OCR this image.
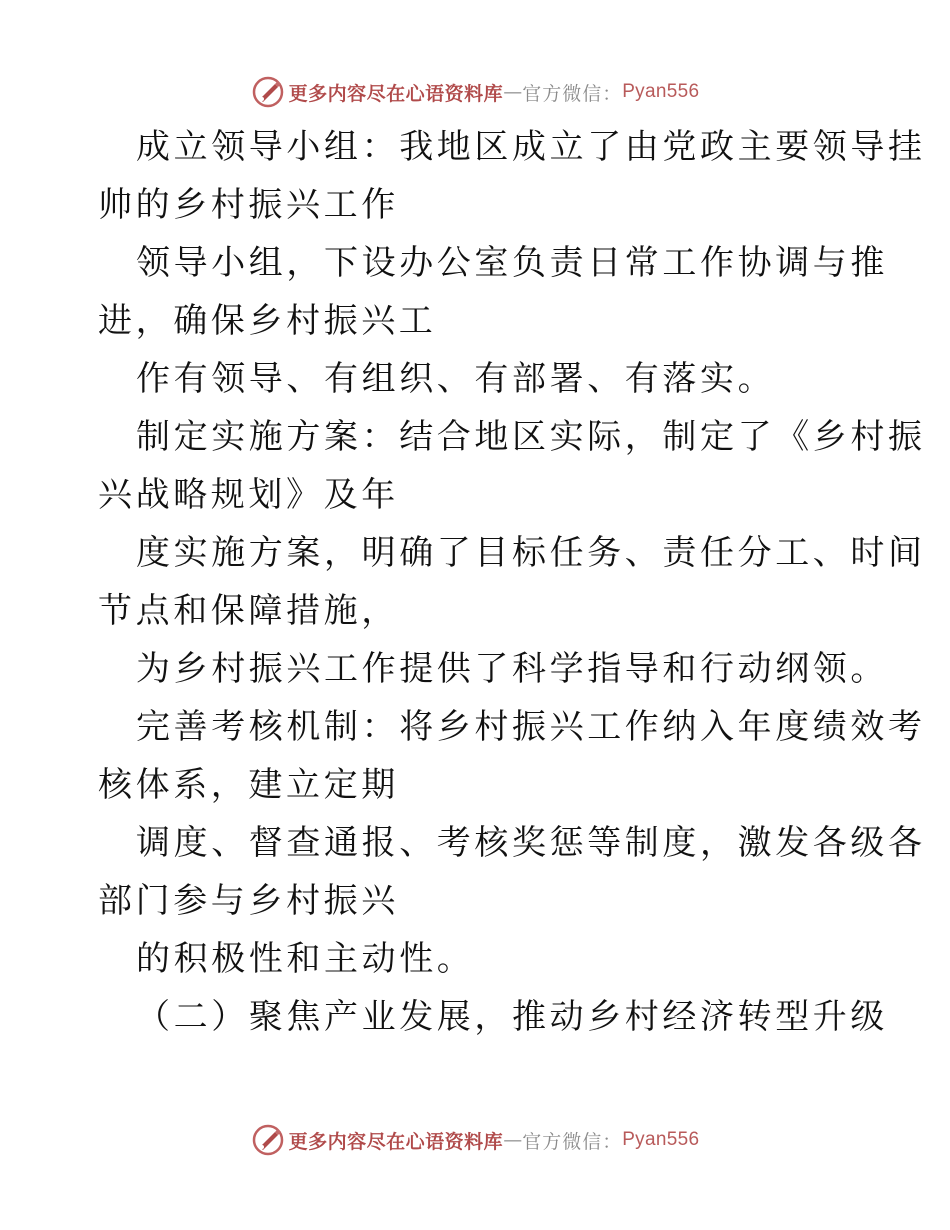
更多内容尽在心语资料库 — 官方微信： Pyan556
成立领导小组：我地区成立了由党政主要领导挂
帅的乡村振兴工作
领导小组，下设办公室负责日常工作协调与推
进，确保乡村振兴工
作有领导、有组织、有部署、有落实。
制定实施方案：结合地区实际，制定了《乡村振
兴战略规划》及年
度实施方案，明确了目标任务、责任分工、时间
节点和保障措施，
为乡村振兴工作提供了科学指导和行动纲领。
完善考核机制：将乡村振兴工作纳入年度绩效考
核体系，建立定期
调度、督查通报、考核奖惩等制度，激发各级各
部门参与乡村振兴
的积极性和主动性。
（二）聚焦产业发展，推动乡村经济转型升级
更多内容尽在心语资料库 — 官方微信： Pyan556
